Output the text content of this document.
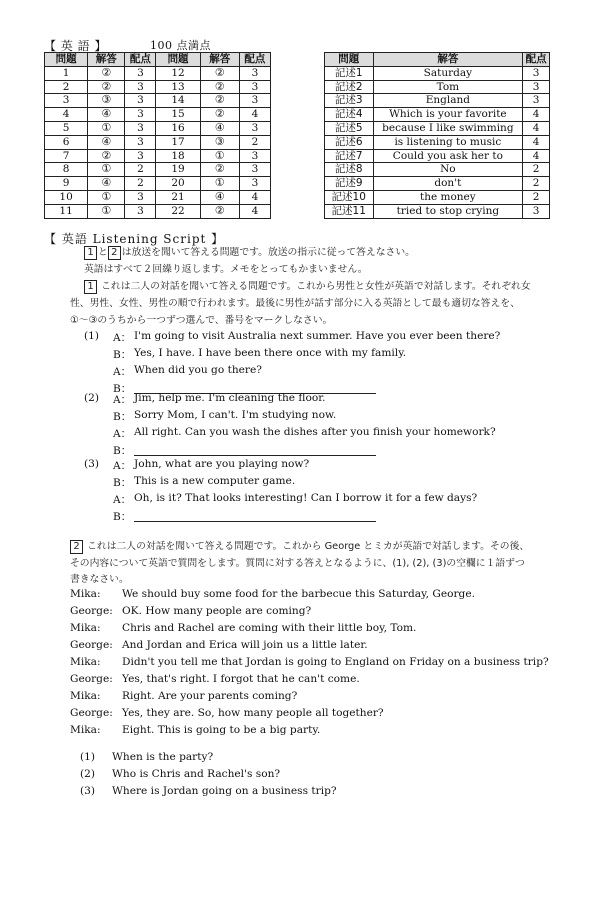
【 英 語 】	100 点満点
問題	解答	配点	問題	解答	配点
1	②	3	12	②	3
2	②	3	13	②	3
3	③	3	14	②	3
4	④	3	15	②	4
5	①	3	16	④	3
6	④	3	17	③	2
7	②	3	18	①	3
8	①	2	19	②	3
9	④	2	20	①	3
10	①	3	21	④	4
11	①	3	22	②	4
問題	解答	配点
記述1	Saturday	3
記述2	Tom	3
記述3	England	3
記述4	Which is your favorite	4
記述5	because I like swimming	4
記述6	is listening to music	4
記述7	Could you ask her to	4
記述8	No	2
記述9	don't	2
記述10	the money	2
記述11	tried to stop crying	3
【 英語 Listening Script 】
1 と 2 は放送を聞いて答える問題です。放送の指示に従って答えなさい。
英語はすべて２回繰り返します。メモをとってもかまいません。
1 これは二人の対話を聞いて答える問題です。これから男性と女性が英語で対話します。それぞれ女
性、男性、女性、男性の順で行われます。最後に男性が話す部分に入る英語として最も適切な答えを、
①～③のうちから一つずつ選んで、番号をマークしなさい。
(1) A： I'm going to visit Australia next summer. Have you ever been there?
B： Yes, I have. I have been there once with my family.
A： When did you go there?
B：
(2) A： Jim, help me. I'm cleaning the floor.
B： Sorry Mom, I can't. I'm studying now.
A： All right. Can you wash the dishes after you finish your homework?
B：
(3) A： John, what are you playing now?
B： This is a new computer game.
A： Oh, is it? That looks interesting! Can I borrow it for a few days?
B：
2 これは二人の対話を聞いて答える問題です。これから George とミカが英語で対話します。その後、
その内容について英語で質問をします。質問に対する答えとなるように、(1), (2), (3)の空欄に１語ずつ
書きなさい。
Mika: We should buy some food for the barbecue this Saturday, George.
George: OK. How many people are coming?
Mika: Chris and Rachel are coming with their little boy, Tom.
George: And Jordan and Erica will join us a little later.
Mika: Didn't you tell me that Jordan is going to England on Friday on a business trip?
George: Yes, that's right. I forgot that he can't come.
Mika: Right. Are your parents coming?
George: Yes, they are. So, how many people all together?
Mika: Eight. This is going to be a big party.
(1) When is the party?
(2) Who is Chris and Rachel's son?
(3) Where is Jordan going on a business trip?
